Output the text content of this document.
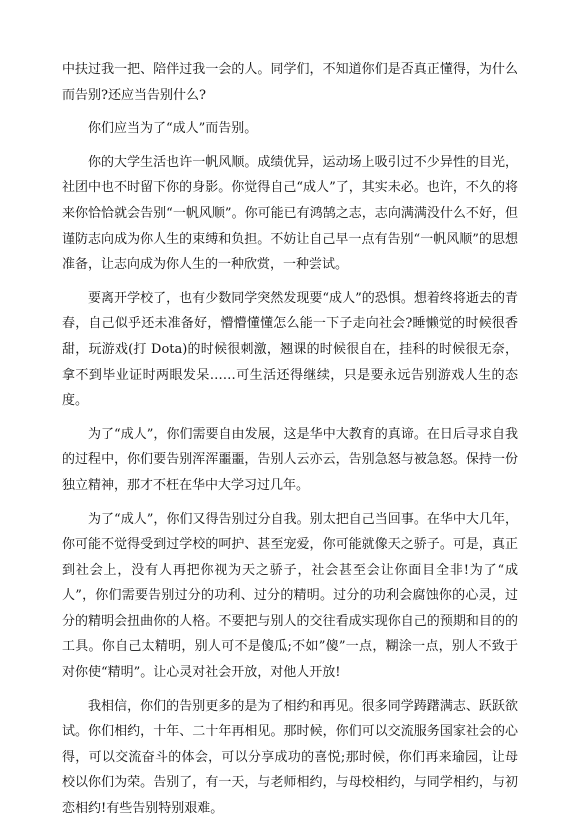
中扶过我一把、陪伴过我一会的人。同学们，不知道你们是否真正懂得，为什么而告别?还应当告别什么?

你们应当为了“成人”而告别。

你的大学生活也许一帆风顺。成绩优异，运动场上吸引过不少异性的目光，社团中也不时留下你的身影。你觉得自己“成人”了，其实未必。也许，不久的将来你恰恰就会告别“一帆风顺”。你可能已有鸿鹄之志，志向满满没什么不好，但谨防志向成为你人生的束缚和负担。不妨让自己早一点有告别“一帆风顺”的思想准备，让志向成为你人生的一种欣赏，一种尝试。

要离开学校了，也有少数同学突然发现要“成人”的恐惧。想着终将逝去的青春，自己似乎还未准备好，懵懵懂懂怎么能一下子走向社会?睡懒觉的时候很香甜，玩游戏(打 Dota)的时候很刺激，翘课的时候很自在，挂科的时候很无奈，拿不到毕业证时两眼发呆……可生活还得继续，只是要永远告别游戏人生的态度。

为了“成人”，你们需要自由发展，这是华中大教育的真谛。在日后寻求自我的过程中，你们要告别浑浑噩噩，告别人云亦云，告别急怒与被急怒。保持一份独立精神，那才不枉在华中大学习过几年。

为了“成人”，你们又得告别过分自我。别太把自己当回事。在华中大几年，你可能不觉得受到过学校的呵护、甚至宠爱，你可能就像天之骄子。可是，真正到社会上，没有人再把你视为天之骄子，社会甚至会让你面目全非!为了“成人”，你们需要告别过分的功利、过分的精明。过分的功利会腐蚀你的心灵，过分的精明会扭曲你的人格。不要把与别人的交往看成实现你自己的预期和目的的工具。你自己太精明，别人可不是傻瓜;不如”傻”一点，糊涂一点，别人不致于对你使“精明”。让心灵对社会开放，对他人开放!

我相信，你们的告别更多的是为了相约和再见。很多同学踌躇满志、跃跃欲试。你们相约，十年、二十年再相见。那时候，你们可以交流服务国家社会的心得，可以交流奋斗的体会，可以分享成功的喜悦;那时候，你们再来瑜园，让母校以你们为荣。告别了，有一天，与老师相约，与母校相约，与同学相约，与初恋相约!有些告别特别艰难。
